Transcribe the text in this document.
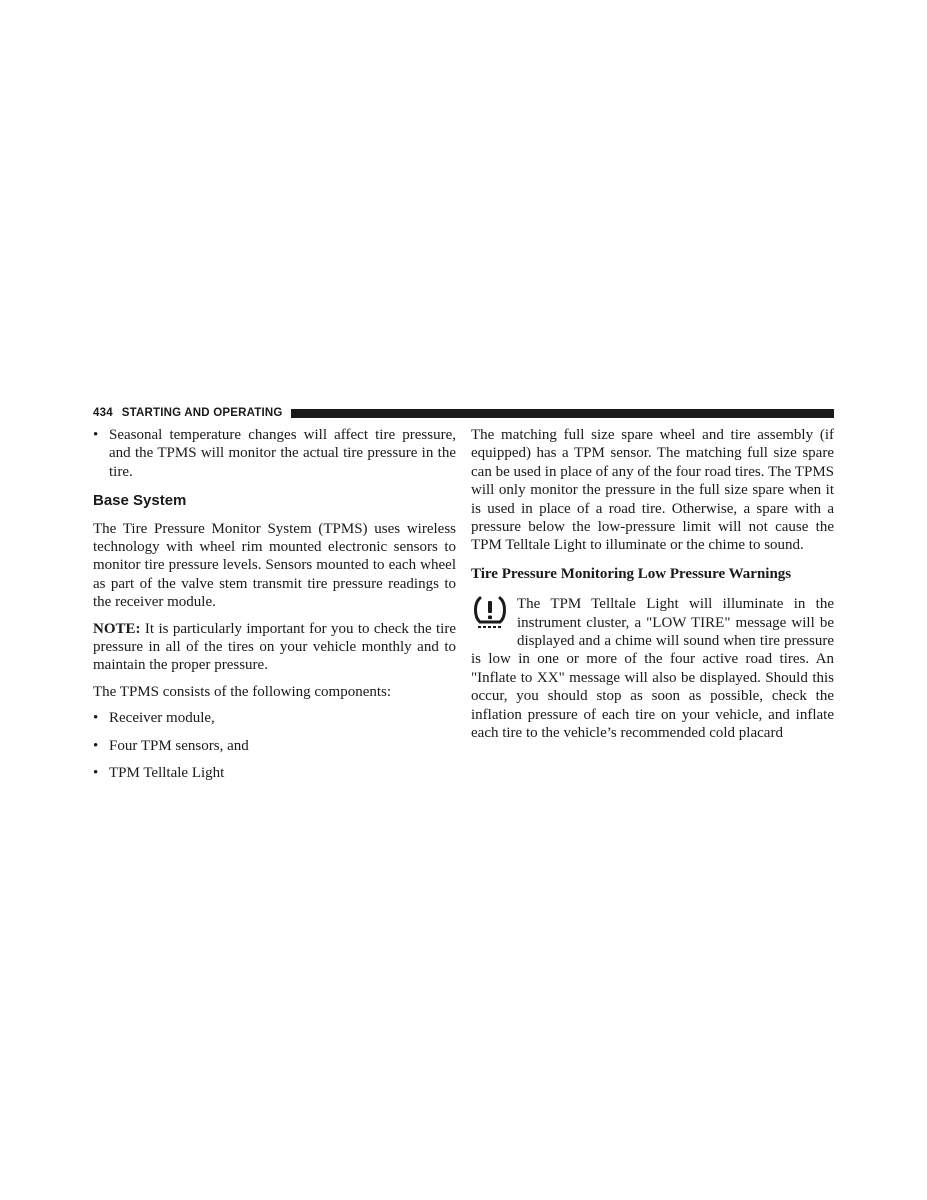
434 STARTING AND OPERATING
• Seasonal temperature changes will affect tire pressure, and the TPMS will monitor the actual tire pressure in the tire.
Base System

The Tire Pressure Monitor System (TPMS) uses wireless technology with wheel rim mounted electronic sensors to monitor tire pressure levels. Sensors mounted to each wheel as part of the valve stem transmit tire pressure readings to the receiver module.

NOTE: It is particularly important for you to check the tire pressure in all of the tires on your vehicle monthly and to maintain the proper pressure.

The TPMS consists of the following components:

• Receiver module,
• Four TPM sensors, and
• TPM Telltale Light

The matching full size spare wheel and tire assembly (if equipped) has a TPM sensor. The matching full size spare can be used in place of any of the four road tires. The TPMS will only monitor the pressure in the full size spare when it is used in place of a road tire. Otherwise, a spare with a pressure below the low-pressure limit will not cause the TPM Telltale Light to illuminate or the chime to sound.

Tire Pressure Monitoring Low Pressure Warnings
The TPM Telltale Light will illuminate in the instrument cluster, a "LOW TIRE" message will be displayed and a chime will sound when tire pressure is low in one or more of the four active road tires. An "Inflate to XX" message will also be displayed. Should this occur, you should stop as soon as possible, check the inflation pressure of each tire on your vehicle, and inflate each tire to the vehicle’s recommended cold placard
